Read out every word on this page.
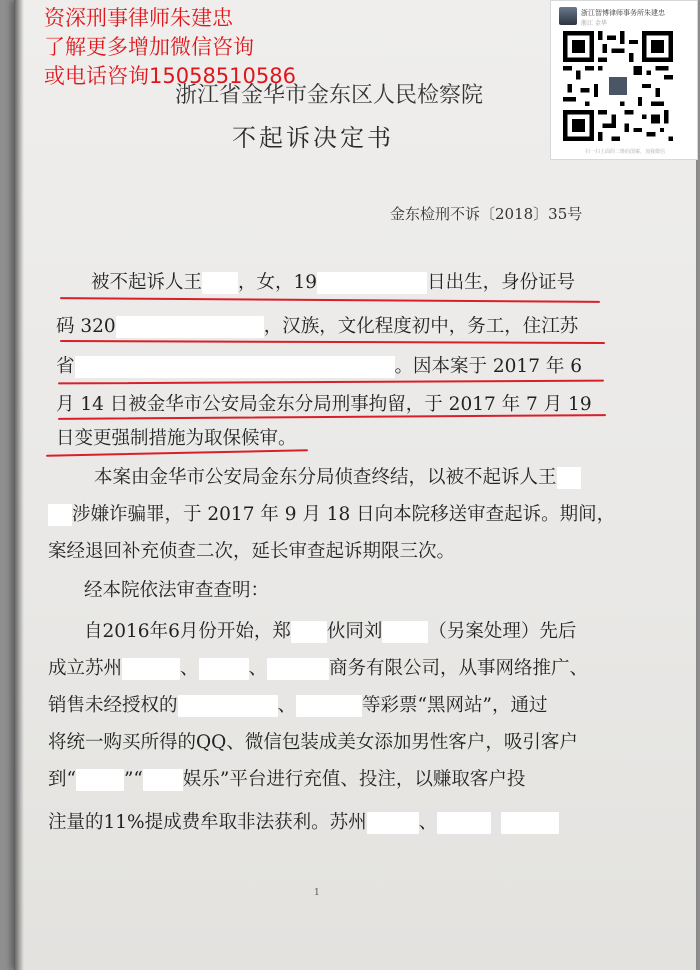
资深刑事律师朱建忠
了解更多增加微信咨询
或电话咨询15058510586
浙江智博律师事务所朱建忠
浙江 金华
扫一扫上面的二维码图案，加我微信
浙江省金华市金东区人民检察院
不起诉决定书
金东检刑不诉〔2018〕35号
被不起诉人王 ，女，19	日出生，身份证号
码 320	，汉族，文化程度初中，务工，住江苏
省	。因本案于 2017 年 6
月 14 日被金华市公安局金东分局刑事拘留，于 2017 年 7 月 19
日变更强制措施为取保候审。
本案由金华市公安局金东分局侦查终结，以被不起诉人王
涉嫌诈骗罪，于 2017 年 9 月 18 日向本院移送审查起诉。期间，
案经退回补充侦查二次，延长审查起诉期限三次。
经本院依法审查查明：
自2016年6月份开始，郑 伙同刘 （另案处理）先后
成立苏州	、	、	商务有限公司，从事网络推广、
销售未经授权的	、	等彩票“黑网站”，通过
将统一购买所得的QQ、微信包装成美女添加男性客户，吸引客户
到“	”“ 娱乐”平台进行充值、投注，以赚取客户投
注量的11%提成费牟取非法获利。苏州	、
1
